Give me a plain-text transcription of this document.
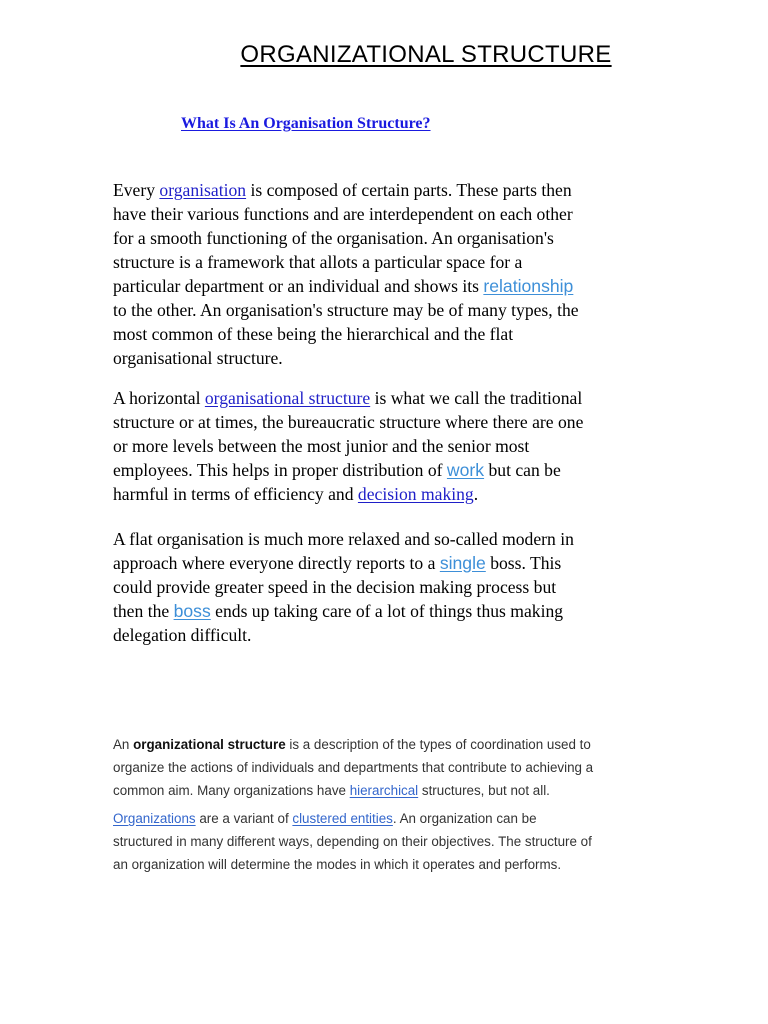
ORGANIZATIONAL STRUCTURE
What Is An Organisation Structure?
Every organisation is composed of certain parts. These parts then
have their various functions and are interdependent on each other
for a smooth functioning of the organisation. An organisation's
structure is a framework that allots a particular space for a
particular department or an individual and shows its relationship
to the other. An organisation's structure may be of many types, the
most common of these being the hierarchical and the flat
organisational structure.
A horizontal organisational structure is what we call the traditional
structure or at times, the bureaucratic structure where there are one
or more levels between the most junior and the senior most
employees. This helps in proper distribution of work but can be
harmful in terms of efficiency and decision making.
A flat organisation is much more relaxed and so-called modern in
approach where everyone directly reports to a single boss. This
could provide greater speed in the decision making process but
then the boss ends up taking care of a lot of things thus making
delegation difficult.
An organizational structure is a description of the types of coordination used to
organize the actions of individuals and departments that contribute to achieving a
common aim. Many organizations have hierarchical structures, but not all.
Organizations are a variant of clustered entities. An organization can be
structured in many different ways, depending on their objectives. The structure of
an organization will determine the modes in which it operates and performs.
